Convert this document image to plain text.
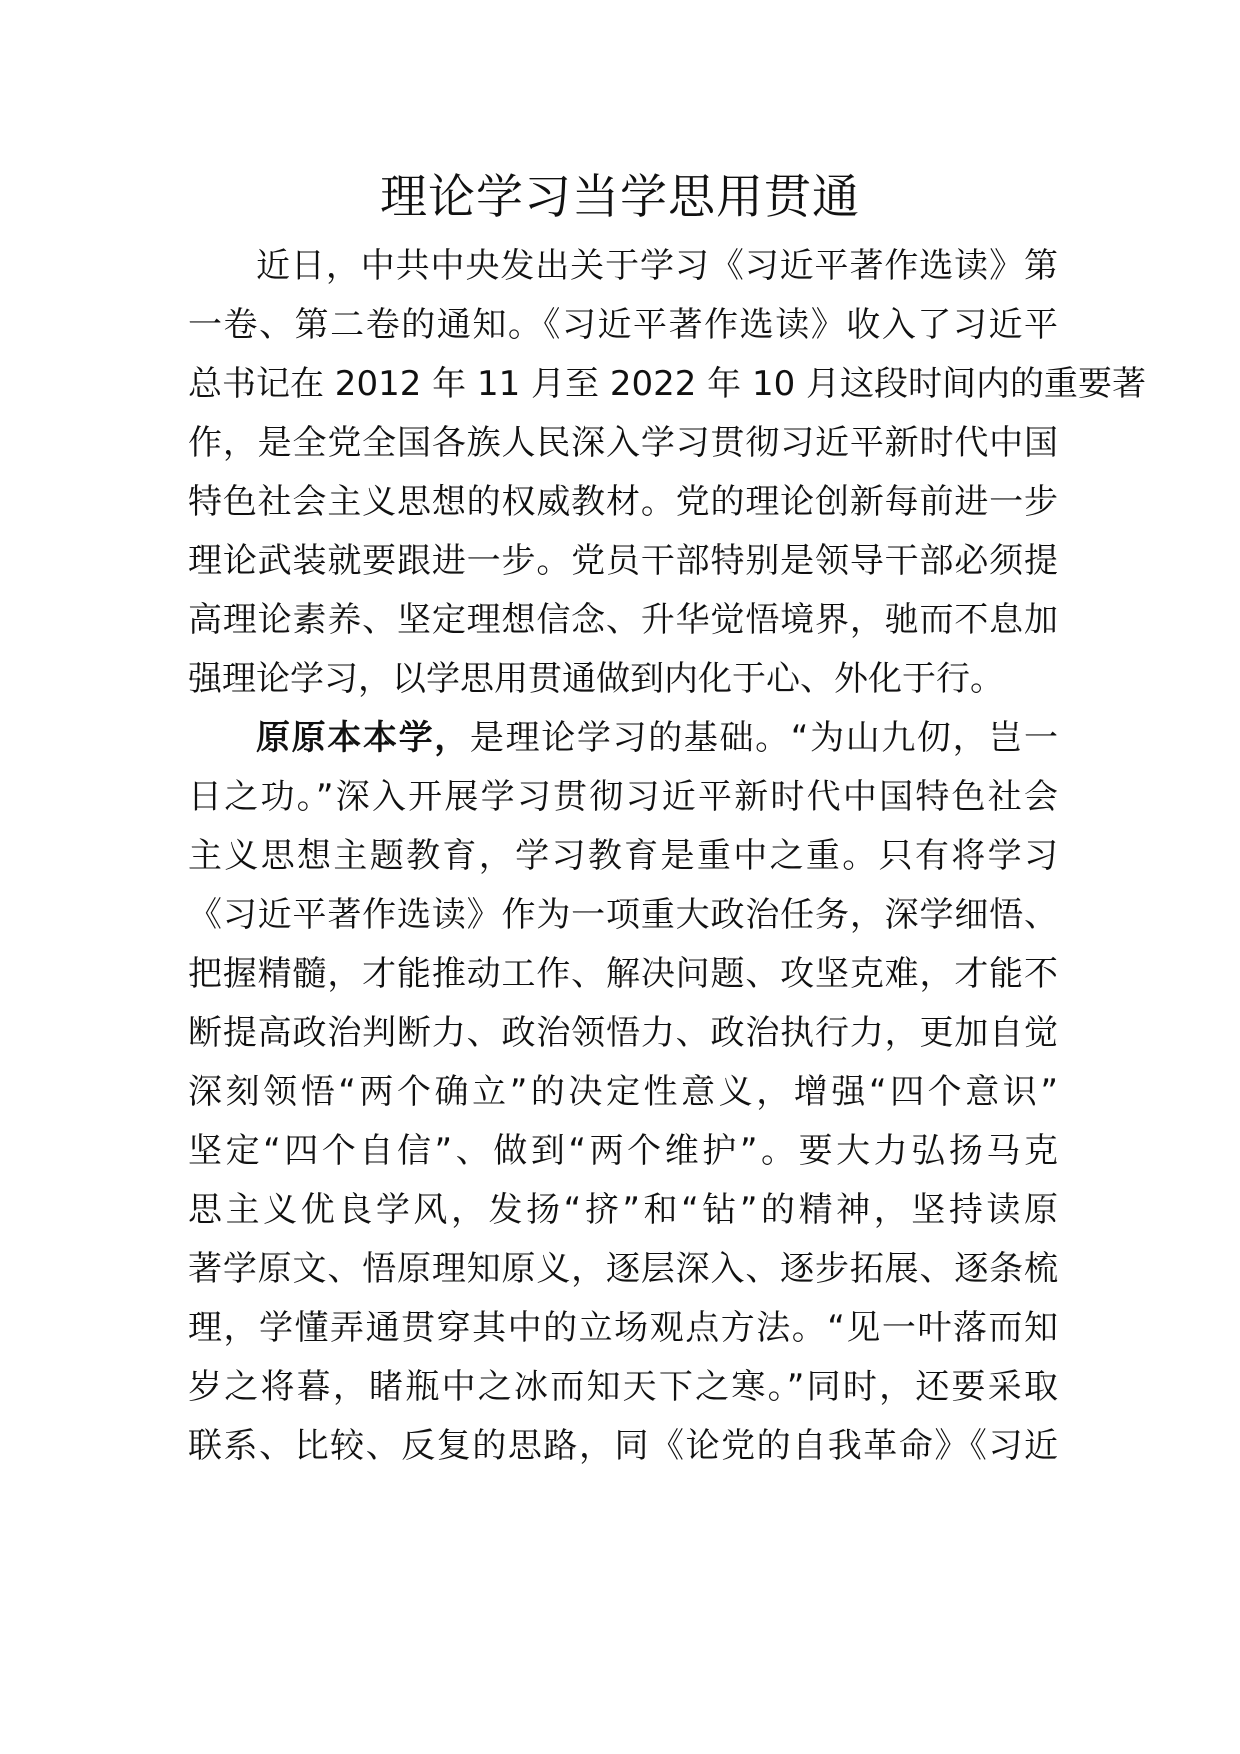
理论学习当学思用贯通

近日，中共中央发出关于学习《习近平著作选读》第

一卷、第二卷的通知。《习近平著作选读》收入了习近平

总书记在 2012 年 11 月至 2022 年 10 月这段时间内的重要著

作，是全党全国各族人民深入学习贯彻习近平新时代中国

特色社会主义思想的权威教材。党的理论创新每前进一步

理论武装就要跟进一步。党员干部特别是领导干部必须提

高理论素养、坚定理想信念、升华觉悟境界，驰而不息加

强理论学习，以学思用贯通做到内化于心、外化于行。

原原本本学，是理论学习的基础。“为山九仞，岂一

日之功。”深入开展学习贯彻习近平新时代中国特色社会

主义思想主题教育，学习教育是重中之重。只有将学习

《习近平著作选读》作为一项重大政治任务，深学细悟、

把握精髓，才能推动工作、解决问题、攻坚克难，才能不

断提高政治判断力、政治领悟力、政治执行力，更加自觉

深刻领悟“两个确立”的决定性意义，增强“四个意识”

坚定“四个自信”、做到“两个维护”。要大力弘扬马克

思主义优良学风，发扬“挤”和“钻”的精神，坚持读原

著学原文、悟原理知原义，逐层深入、逐步拓展、逐条梳

理，学懂弄通贯穿其中的立场观点方法。“见一叶落而知

岁之将暮，睹瓶中之冰而知天下之寒。”同时，还要采取

联系、比较、反复的思路，同《论党的自我革命》《习近
